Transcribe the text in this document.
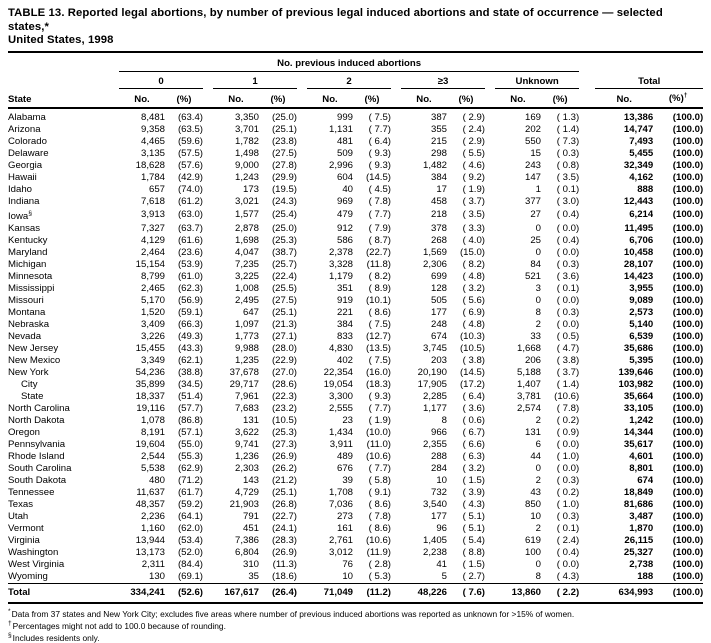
TABLE 13. Reported legal abortions, by number of previous legal induced abortions and state of occurrence — selected states,*
United States, 1998
		No. previous induced abortions																
		0			1			2			≥3			Unknown			Total	
State		No.	(%)		No.	(%)		No.	(%)		No.	(%)		No.	(%)		No.	(%)†
Alabama		8,481	(63.4)		3,350	(25.0)		999	( 7.5)		387	( 2.9)		169	( 1.3)		13,386	(100.0)
Arizona		9,358	(63.5)		3,701	(25.1)		1,131	( 7.7)		355	( 2.4)		202	( 1.4)		14,747	(100.0)
Colorado		4,465	(59.6)		1,782	(23.8)		481	( 6.4)		215	( 2.9)		550	( 7.3)		7,493	(100.0)
Delaware		3,135	(57.5)		1,498	(27.5)		509	( 9.3)		298	( 5.5)		15	( 0.3)		5,455	(100.0)
Georgia		18,628	(57.6)		9,000	(27.8)		2,996	( 9.3)		1,482	( 4.6)		243	( 0.8)		32,349	(100.0)
Hawaii		1,784	(42.9)		1,243	(29.9)		604	(14.5)		384	( 9.2)		147	( 3.5)		4,162	(100.0)
Idaho		657	(74.0)		173	(19.5)		40	( 4.5)		17	( 1.9)		1	( 0.1)		888	(100.0)
Indiana		7,618	(61.2)		3,021	(24.3)		969	( 7.8)		458	( 3.7)		377	( 3.0)		12,443	(100.0)
Iowa§		3,913	(63.0)		1,577	(25.4)		479	( 7.7)		218	( 3.5)		27	( 0.4)		6,214	(100.0)
Kansas		7,327	(63.7)		2,878	(25.0)		912	( 7.9)		378	( 3.3)		0	( 0.0)		11,495	(100.0)
Kentucky		4,129	(61.6)		1,698	(25.3)		586	( 8.7)		268	( 4.0)		25	( 0.4)		6,706	(100.0)
Maryland		2,464	(23.6)		4,047	(38.7)		2,378	(22.7)		1,569	(15.0)		0	( 0.0)		10,458	(100.0)
Michigan		15,154	(53.9)		7,235	(25.7)		3,328	(11.8)		2,306	( 8.2)		84	( 0.3)		28,107	(100.0)
Minnesota		8,799	(61.0)		3,225	(22.4)		1,179	( 8.2)		699	( 4.8)		521	( 3.6)		14,423	(100.0)
Mississippi		2,465	(62.3)		1,008	(25.5)		351	( 8.9)		128	( 3.2)		3	( 0.1)		3,955	(100.0)
Missouri		5,170	(56.9)		2,495	(27.5)		919	(10.1)		505	( 5.6)		0	( 0.0)		9,089	(100.0)
Montana		1,520	(59.1)		647	(25.1)		221	( 8.6)		177	( 6.9)		8	( 0.3)		2,573	(100.0)
Nebraska		3,409	(66.3)		1,097	(21.3)		384	( 7.5)		248	( 4.8)		2	( 0.0)		5,140	(100.0)
Nevada		3,226	(49.3)		1,773	(27.1)		833	(12.7)		674	(10.3)		33	( 0.5)		6,539	(100.0)
New Jersey		15,455	(43.3)		9,988	(28.0)		4,830	(13.5)		3,745	(10.5)		1,668	( 4.7)		35,686	(100.0)
New Mexico		3,349	(62.1)		1,235	(22.9)		402	( 7.5)		203	( 3.8)		206	( 3.8)		5,395	(100.0)
New York		54,236	(38.8)		37,678	(27.0)		22,354	(16.0)		20,190	(14.5)		5,188	( 3.7)		139,646	(100.0)
City		35,899	(34.5)		29,717	(28.6)		19,054	(18.3)		17,905	(17.2)		1,407	( 1.4)		103,982	(100.0)
State		18,337	(51.4)		7,961	(22.3)		3,300	( 9.3)		2,285	( 6.4)		3,781	(10.6)		35,664	(100.0)
North Carolina		19,116	(57.7)		7,683	(23.2)		2,555	( 7.7)		1,177	( 3.6)		2,574	( 7.8)		33,105	(100.0)
North Dakota		1,078	(86.8)		131	(10.5)		23	( 1.9)		8	( 0.6)		2	( 0.2)		1,242	(100.0)
Oregon		8,191	(57.1)		3,622	(25.3)		1,434	(10.0)		966	( 6.7)		131	( 0.9)		14,344	(100.0)
Pennsylvania		19,604	(55.0)		9,741	(27.3)		3,911	(11.0)		2,355	( 6.6)		6	( 0.0)		35,617	(100.0)
Rhode Island		2,544	(55.3)		1,236	(26.9)		489	(10.6)		288	( 6.3)		44	( 1.0)		4,601	(100.0)
South Carolina		5,538	(62.9)		2,303	(26.2)		676	( 7.7)		284	( 3.2)		0	( 0.0)		8,801	(100.0)
South Dakota		480	(71.2)		143	(21.2)		39	( 5.8)		10	( 1.5)		2	( 0.3)		674	(100.0)
Tennessee		11,637	(61.7)		4,729	(25.1)		1,708	( 9.1)		732	( 3.9)		43	( 0.2)		18,849	(100.0)
Texas		48,357	(59.2)		21,903	(26.8)		7,036	( 8.6)		3,540	( 4.3)		850	( 1.0)		81,686	(100.0)
Utah		2,236	(64.1)		791	(22.7)		273	( 7.8)		177	( 5.1)		10	( 0.3)		3,487	(100.0)
Vermont		1,160	(62.0)		451	(24.1)		161	( 8.6)		96	( 5.1)		2	( 0.1)		1,870	(100.0)
Virginia		13,944	(53.4)		7,386	(28.3)		2,761	(10.6)		1,405	( 5.4)		619	( 2.4)		26,115	(100.0)
Washington		13,173	(52.0)		6,804	(26.9)		3,012	(11.9)		2,238	( 8.8)		100	( 0.4)		25,327	(100.0)
West Virginia		2,311	(84.4)		310	(11.3)		76	( 2.8)		41	( 1.5)		0	( 0.0)		2,738	(100.0)
Wyoming		130	(69.1)		35	(18.6)		10	( 5.3)		5	( 2.7)		8	( 4.3)		188	(100.0)
Total		334,241	(52.6)		167,617	(26.4)		71,049	(11.2)		48,226	( 7.6)		13,860	( 2.2)		634,993	(100.0)
*Data from 37 states and New York City; excludes five areas where number of previous induced abortions was reported as unknown for >15% of women.
†Percentages might not add to 100.0 because of rounding.
§Includes residents only.
